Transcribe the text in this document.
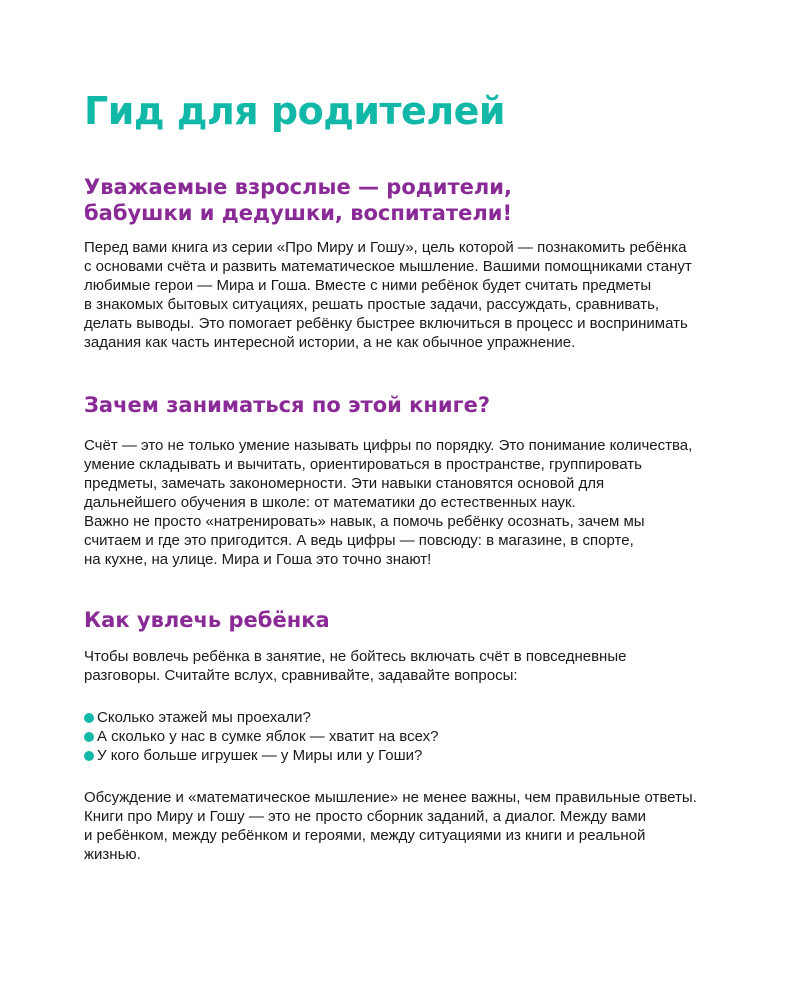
Гид для родителей
Уважаемые взрослые — родители,
бабушки и дедушки, воспитатели!

Перед вами книга из серии «Про Миру и Гошу», цель которой — познакомить ребёнка
с основами счёта и развить математическое мышление. Вашими помощниками станут
любимые герои — Мира и Гоша. Вместе с ними ребёнок будет считать предметы
в знакомых бытовых ситуациях, решать простые задачи, рассуждать, сравнивать,
делать выводы. Это помогает ребёнку быстрее включиться в процесс и воспринимать
задания как часть интересной истории, а не как обычное упражнение.

Зачем заниматься по этой книге?

Счёт — это не только умение называть цифры по порядку. Это понимание количества,
умение складывать и вычитать, ориентироваться в пространстве, группировать
предметы, замечать закономерности. Эти навыки становятся основой для
дальнейшего обучения в школе: от математики до естественных наук.
Важно не просто «натренировать» навык, а помочь ребёнку осознать, зачем мы
считаем и где это пригодится. А ведь цифры — повсюду: в магазине, в спорте,
на кухне, на улице. Мира и Гоша это точно знают!

Как увлечь ребёнка

Чтобы вовлечь ребёнка в занятие, не бойтесь включать счёт в повседневные
разговоры. Считайте вслух, сравнивайте, задавайте вопросы:

Сколько этажей мы проехали?
А сколько у нас в сумке яблок — хватит на всех?
У кого больше игрушек — у Миры или у Гоши?

Обсуждение и «математическое мышление» не менее важны, чем правильные ответы.
Книги про Миру и Гошу — это не просто сборник заданий, а диалог. Между вами
и ребёнком, между ребёнком и героями, между ситуациями из книги и реальной
жизнью.
